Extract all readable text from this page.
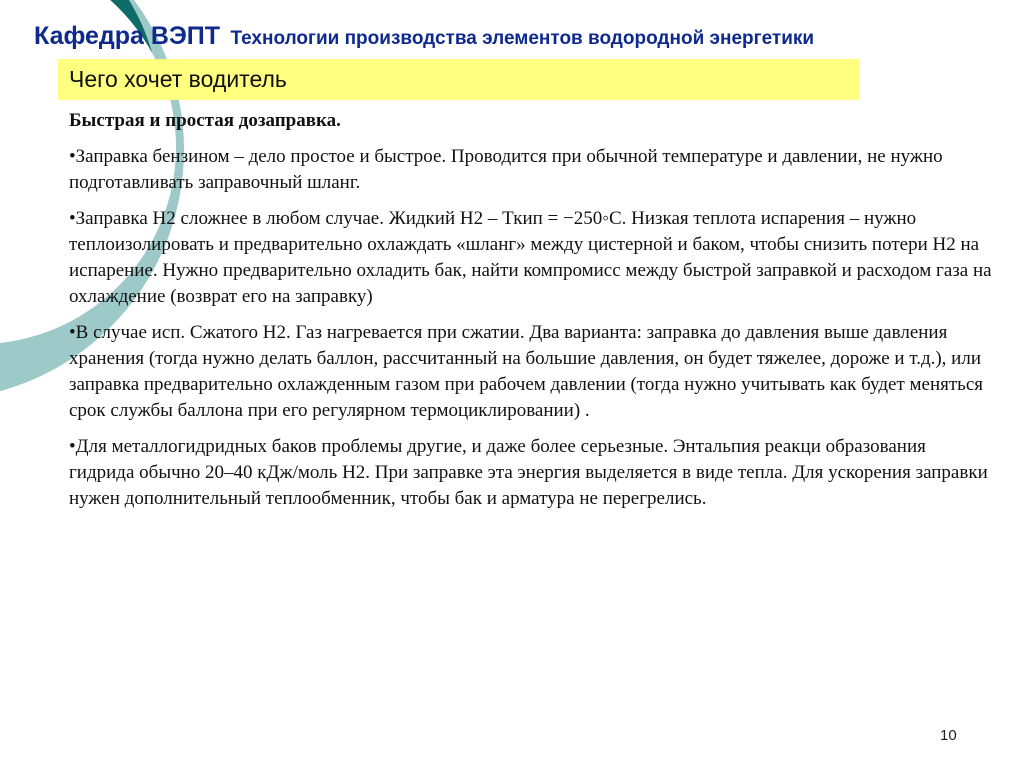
Кафедра ВЭПТ Технологии производства элементов водородной энергетики
Чего хочет водитель

Быстрая и простая дозаправка.

•Заправка бензином – дело простое и быстрое. Проводится при обычной температуре и давлении, не нужно подготавливать заправочный шланг.

•Заправка Н2 сложнее в любом случае. Жидкий Н2 – Ткип = −250◦С. Низкая теплота испарения – нужно теплоизолировать и предварительно охлаждать «шланг» между цистерной и баком, чтобы снизить потери Н2 на испарение. Нужно предварительно охладить бак, найти компромисс между быстрой заправкой и расходом газа на охлаждение (возврат его на заправку)

•В случае исп. Сжатого Н2. Газ нагревается при сжатии. Два варианта: заправка до давления выше давления хранения (тогда нужно делать баллон, рассчитанный на большие давления, он будет тяжелее, дороже и т.д.), или заправка предварительно охлажденным газом при рабочем давлении (тогда нужно учитывать как будет меняться срок службы баллона при его регулярном термоциклировании) .

•Для металлогидридных баков проблемы другие, и даже более серьезные. Энтальпия реакци образования гидрида обычно 20–40 кДж/моль Н2. При заправке эта энергия выделяется в виде тепла. Для ускорения заправки нужен дополнительный теплообменник, чтобы бак и арматура не перегрелись.

10
